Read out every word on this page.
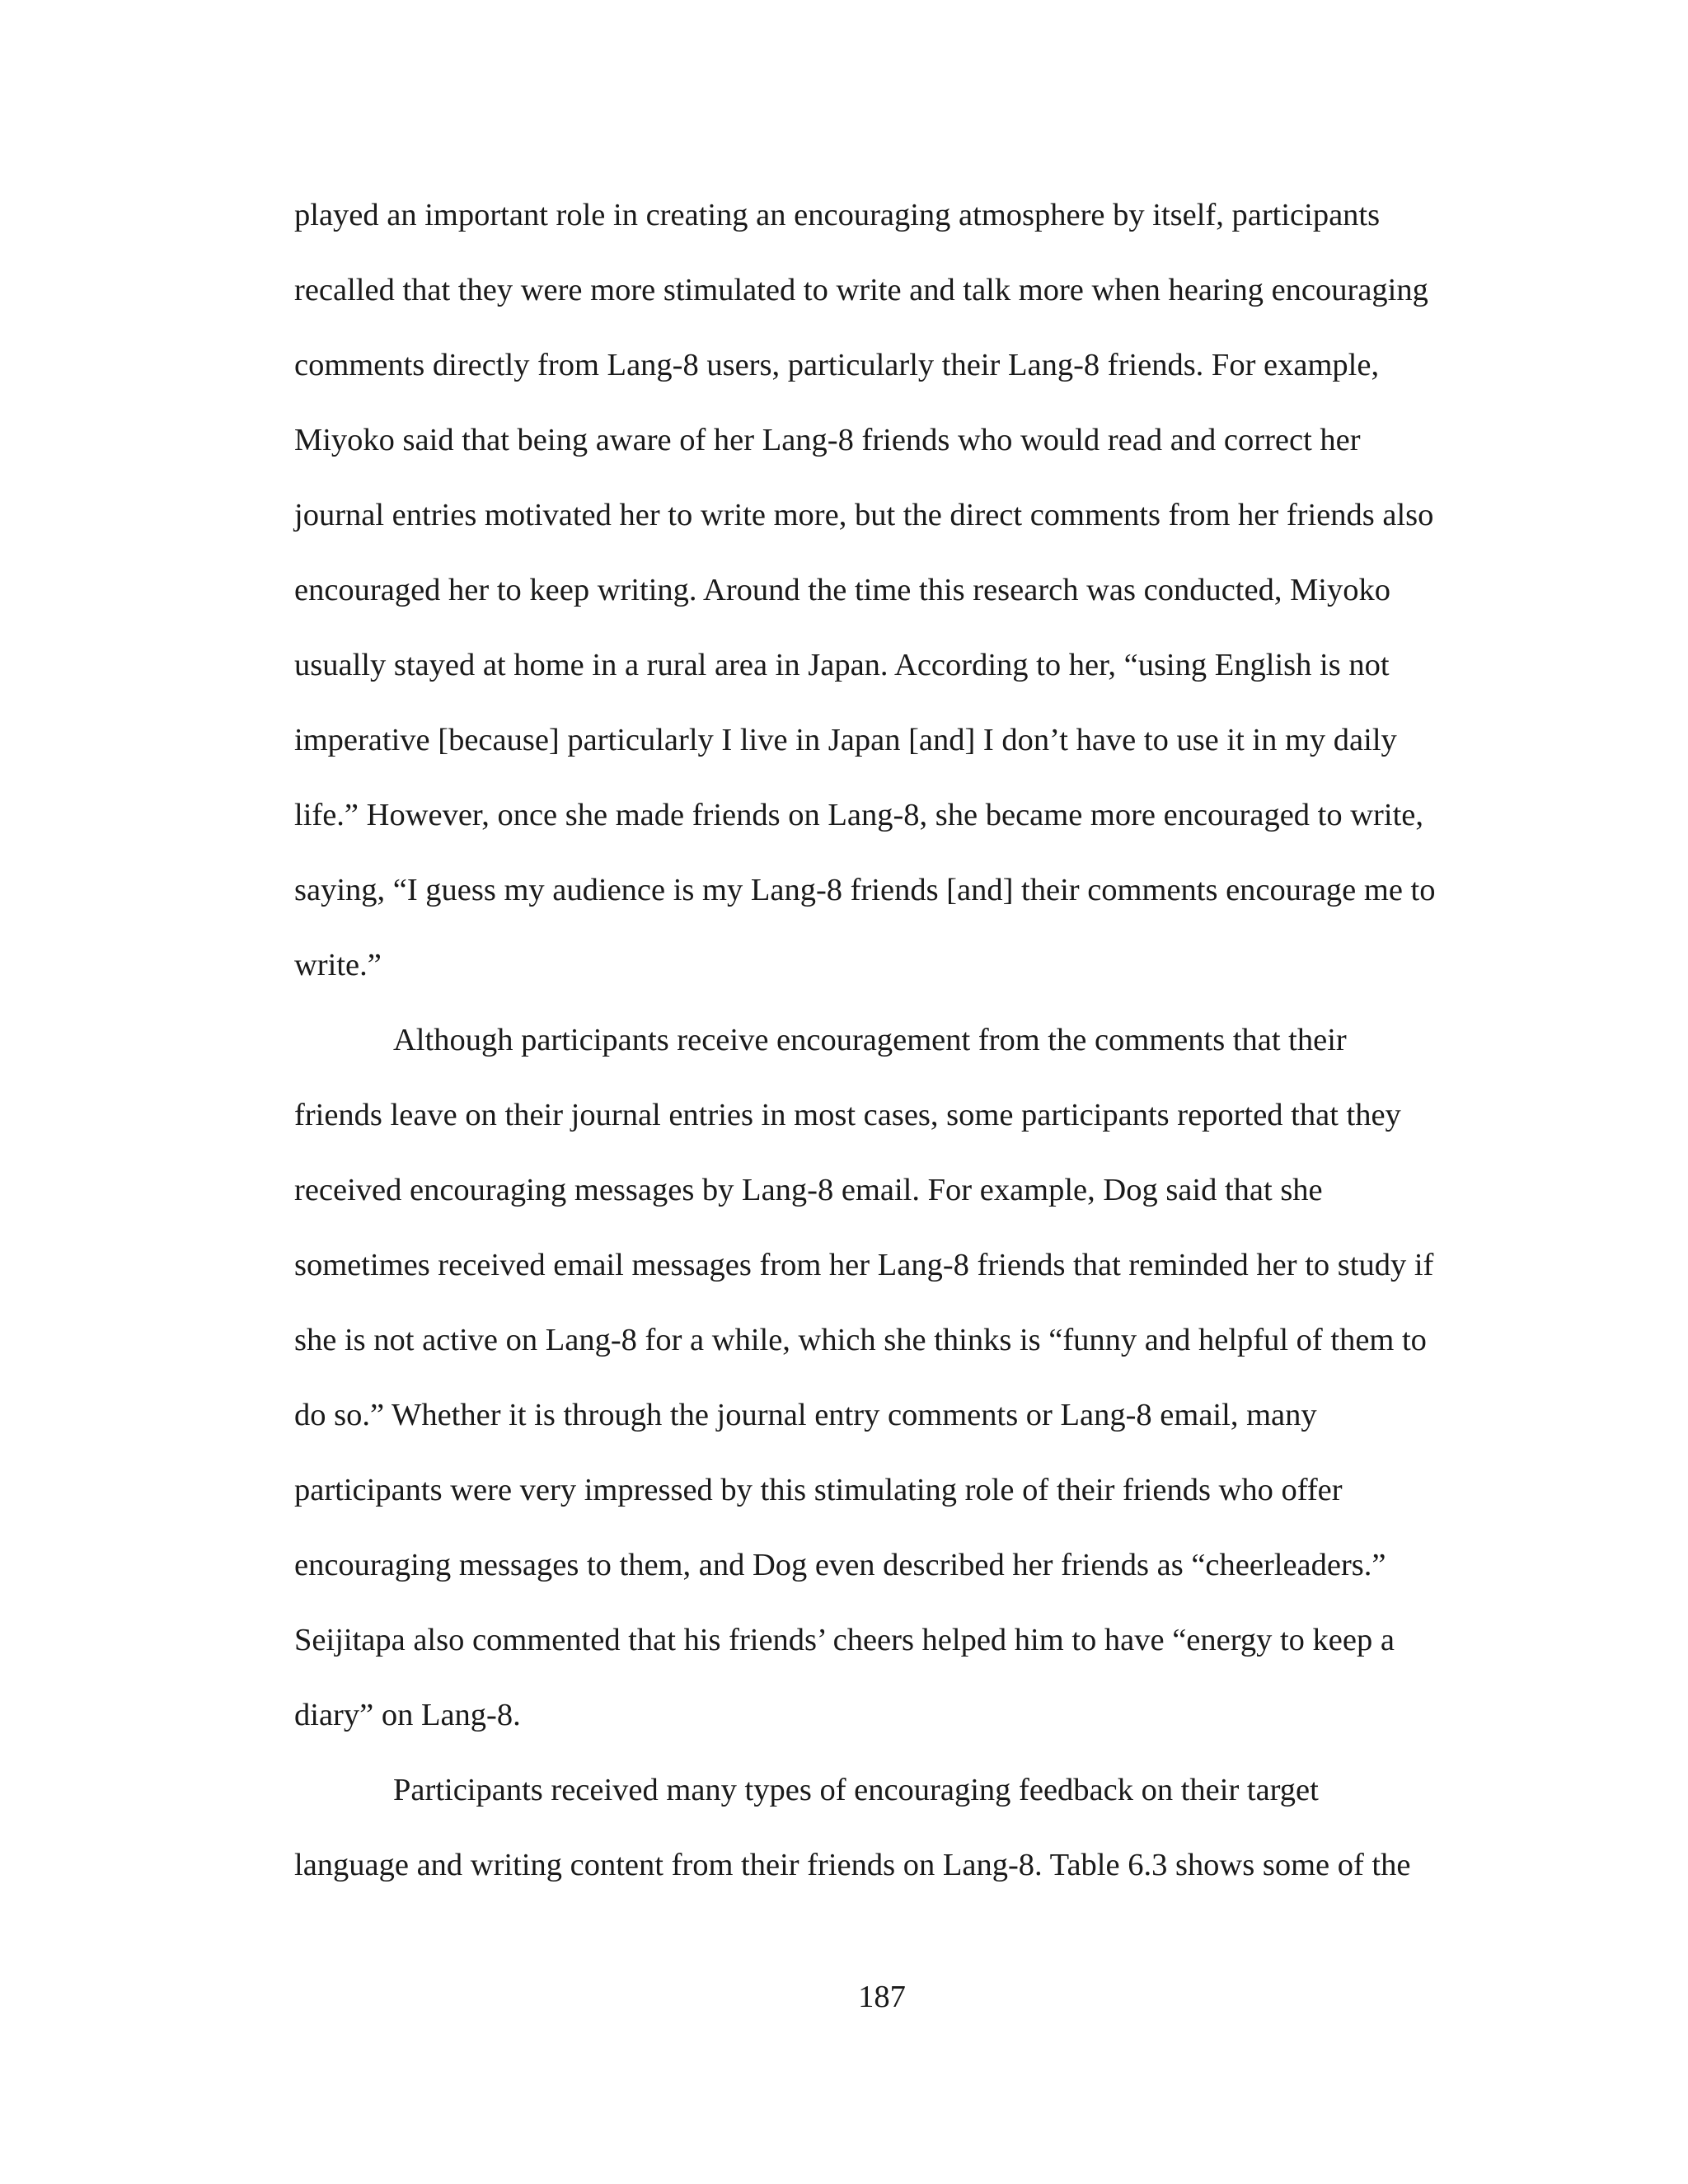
played an important role in creating an encouraging atmosphere by itself, participants
recalled that they were more stimulated to write and talk more when hearing encouraging
comments directly from Lang-8 users, particularly their Lang-8 friends. For example,
Miyoko said that being aware of her Lang-8 friends who would read and correct her
journal entries motivated her to write more, but the direct comments from her friends also
encouraged her to keep writing. Around the time this research was conducted, Miyoko
usually stayed at home in a rural area in Japan. According to her, “using English is not
imperative [because] particularly I live in Japan [and] I don’t have to use it in my daily
life.” However, once she made friends on Lang-8, she became more encouraged to write,
saying, “I guess my audience is my Lang-8 friends [and] their comments encourage me to
write.”
Although participants receive encouragement from the comments that their
friends leave on their journal entries in most cases, some participants reported that they
received encouraging messages by Lang-8 email. For example, Dog said that she
sometimes received email messages from her Lang-8 friends that reminded her to study if
she is not active on Lang-8 for a while, which she thinks is “funny and helpful of them to
do so.” Whether it is through the journal entry comments or Lang-8 email, many
participants were very impressed by this stimulating role of their friends who offer
encouraging messages to them, and Dog even described her friends as “cheerleaders.”
Seijitapa also commented that his friends’ cheers helped him to have “energy to keep a
diary” on Lang-8.
Participants received many types of encouraging feedback on their target
language and writing content from their friends on Lang-8. Table 6.3 shows some of the
187
